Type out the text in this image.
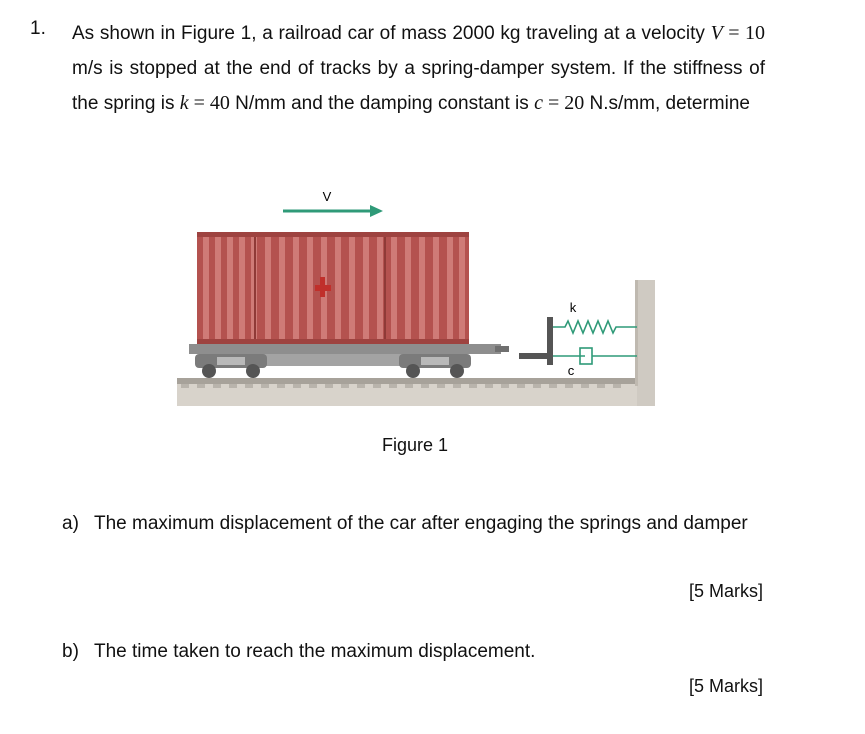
1. As shown in Figure 1, a railroad car of mass 2000 kg traveling at a velocity V = 10 m/s is stopped at the end of tracks by a spring-damper system. If the stiffness of the spring is k = 40 N/mm and the damping constant is c = 20 N.s/mm, determine

V
k
c
Figure 1
a) The maximum displacement of the car after engaging the springs and damper

[5 Marks]
b) The time taken to reach the maximum displacement.

[5 Marks]
